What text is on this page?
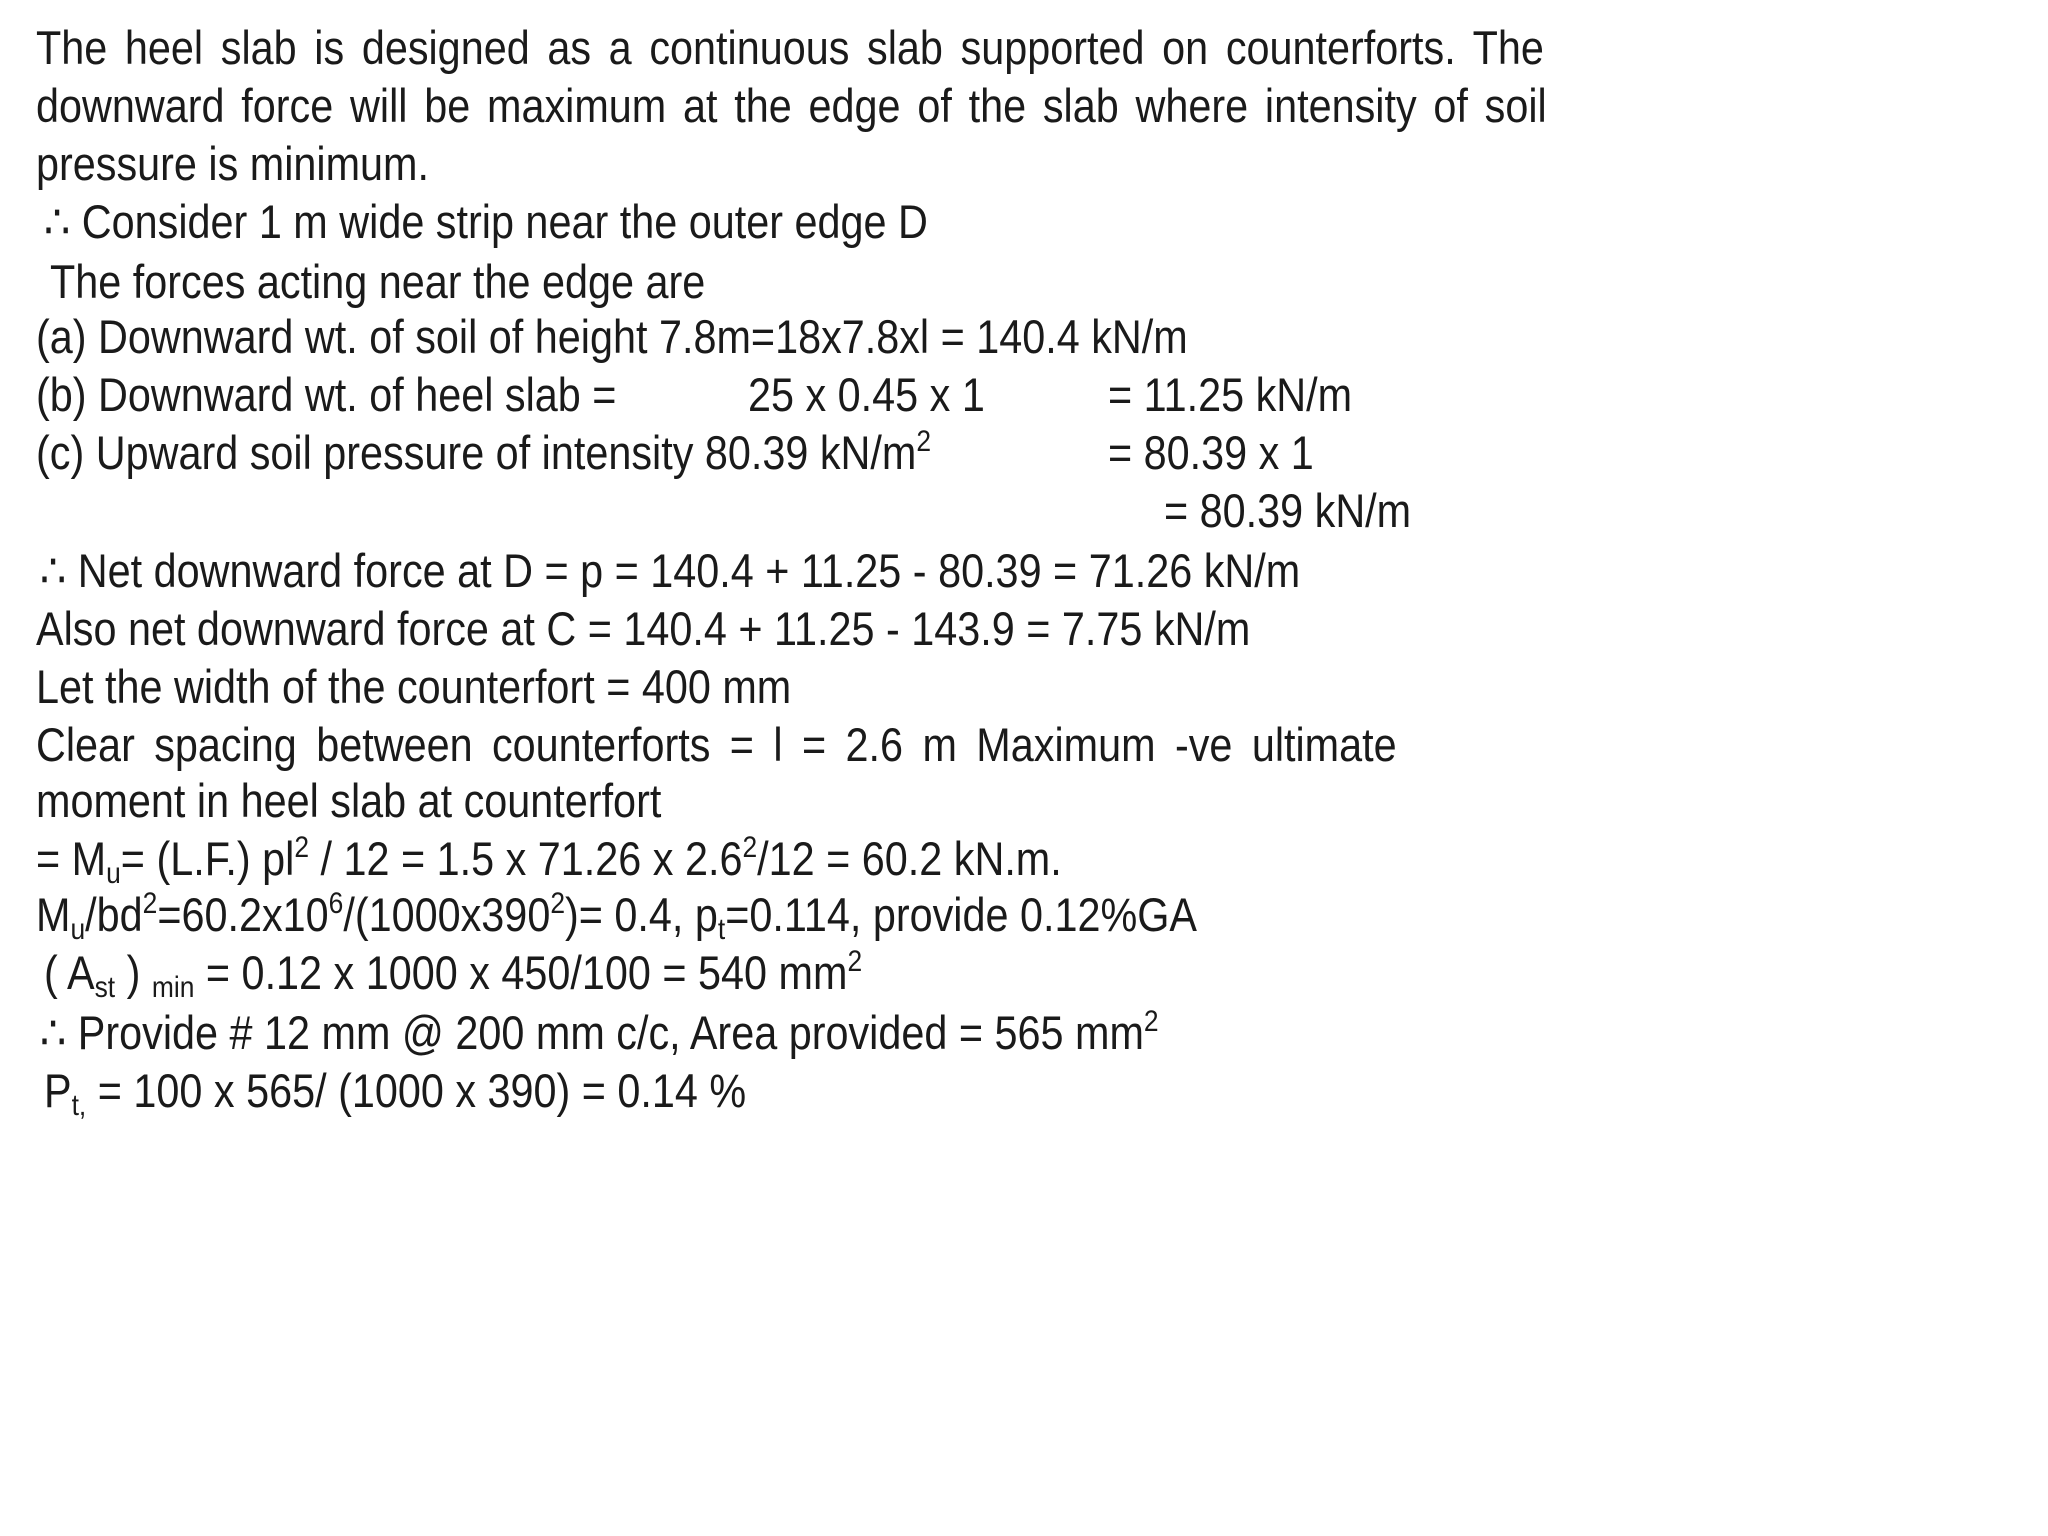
The heel slab is designed as a continuous slab supported on counterforts. The
downward force will be maximum at the edge of the slab where intensity of soil
pressure is minimum.
∴ Consider 1 m wide strip near the outer edge D
The forces acting near the edge are
(a) Downward wt. of soil of height 7.8m=18x7.8xl = 140.4 kN/m
(b) Downward wt. of heel slab =	25 x 0.45 x 1	= 11.25 kN/m
(c) Upward soil pressure of intensity 80.39 $kN/m^2$	= 80.39 x 1
= 80.39 kN/m
∴ Net downward force at D = p = 140.4 + 11.25 - 80.39 = 71.26 kN/m
Also net downward force at C = 140.4 + 11.25 - 143.9 = 7.75 kN/m
Let the width of the counterfort = 400 mm
Clear spacing between counterforts = l = 2.6 m Maximum -ve ultimate
moment in heel slab at counterfort
= $M_u= (L.F.)$ $pl^2 / 12 = 1.5$ x 71.26 x $2.6^2/12 = 60.2$ kN.m.
$M_u/bd^2=60.2x10^6/(1000x390^2)= 0.4$, $p_t=0.114$, provide 0.12%GA
( $A_{st}$ ) $_{min}$ = 0.12 x 1000 x 450/100 = 540 $mm^2$
∴ Provide # 12 mm @ 200 mm c/c, Area provided = 565 $mm^2$
$P_{t,} = 100$ x 565/ (1000 x 390) = 0.14 %
